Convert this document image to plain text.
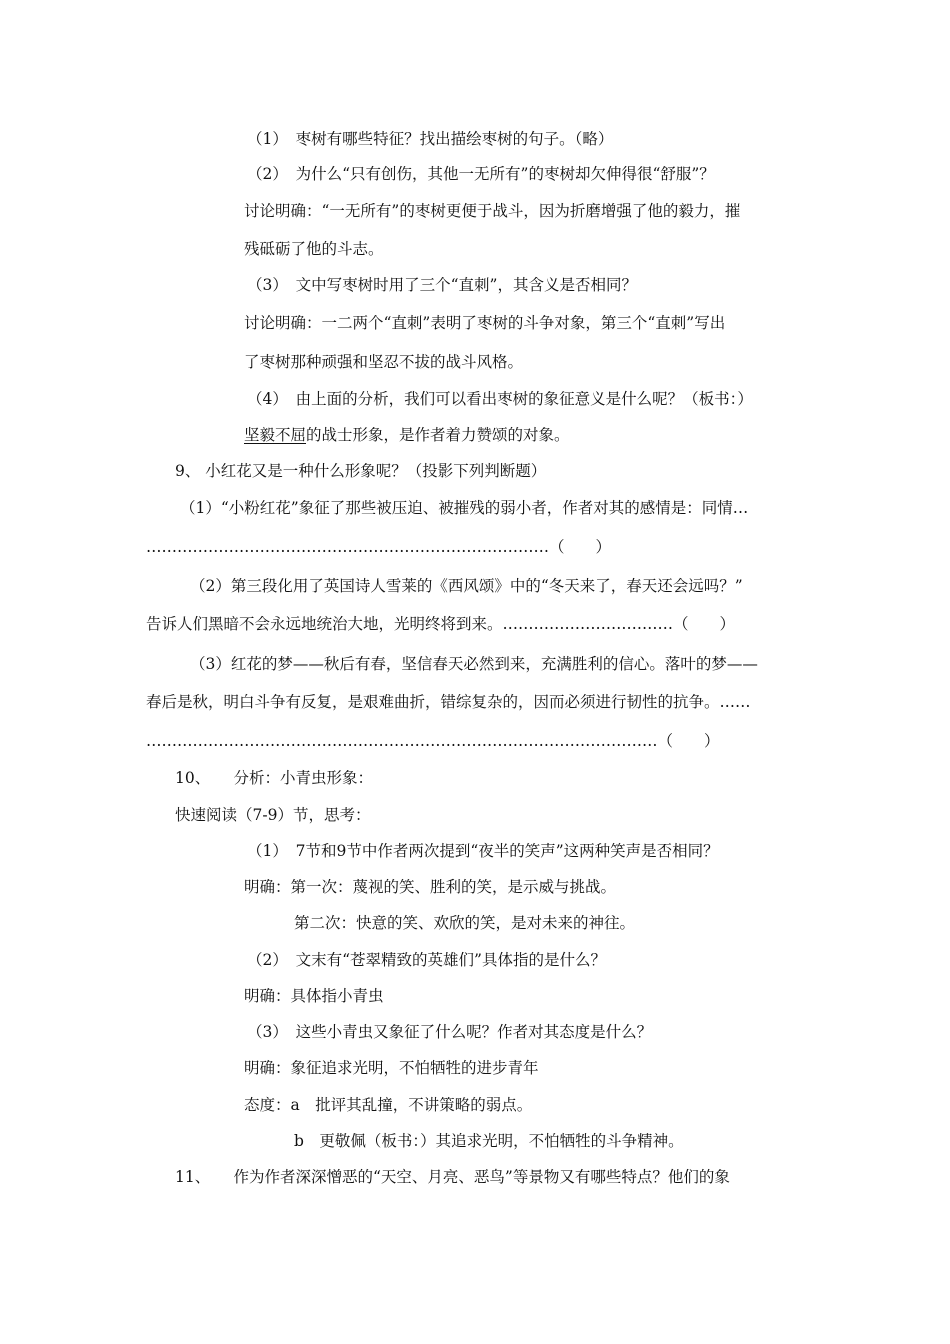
（1）　枣树有哪些特征？找出描绘枣树的句子。（略）
（2）　为什么“只有创伤，其他一无所有”的枣树却欠伸得很“舒服”？
讨论明确：“一无所有”的枣树更便于战斗，因为折磨增强了他的毅力，摧
残砥砺了他的斗志。
（3）　文中写枣树时用了三个“直刺”，其含义是否相同？
讨论明确：一二两个“直刺”表明了枣树的斗争对象，第三个“直刺”写出
了枣树那种顽强和坚忍不拔的战斗风格。
（4）　由上面的分析，我们可以看出枣树的象征意义是什么呢？（板书：）
坚毅不屈的战士形象，是作者着力赞颂的对象。
9、 小红花又是一种什么形象呢？（投影下列判断题）
（1）“小粉红花”象征了那些被压迫、被摧残的弱小者，作者对其的感情是：同情…
……………………………………………………………………（　　）
（2）第三段化用了英国诗人雪莱的《西风颂》中的“冬天来了，春天还会远吗？”
告诉人们黑暗不会永远地统治大地，光明终将到来。……………………………（　　）
（3）红花的梦——秋后有春，坚信春天必然到来，充满胜利的信心。落叶的梦——
春后是秋，明白斗争有反复，是艰难曲折，错综复杂的，因而必须进行韧性的抗争。……
………………………………………………………………………………………（　　）
10、　　分析：小青虫形象：
快速阅读（7-9）节，思考：
（1）　7节和9节中作者两次提到“夜半的笑声”这两种笑声是否相同？
明确：第一次：蔑视的笑、胜利的笑，是示威与挑战。
第二次：快意的笑、欢欣的笑，是对未来的神往。
（2）　文末有“苍翠精致的英雄们”具体指的是什么？
明确：具体指小青虫
（3）　这些小青虫又象征了什么呢？作者对其态度是什么？
明确：象征追求光明，不怕牺牲的进步青年
态度：a　批评其乱撞，不讲策略的弱点。
b　更敬佩（板书：）其追求光明，不怕牺牲的斗争精神。
11、　　作为作者深深憎恶的“天空、月亮、恶鸟”等景物又有哪些特点？他们的象
